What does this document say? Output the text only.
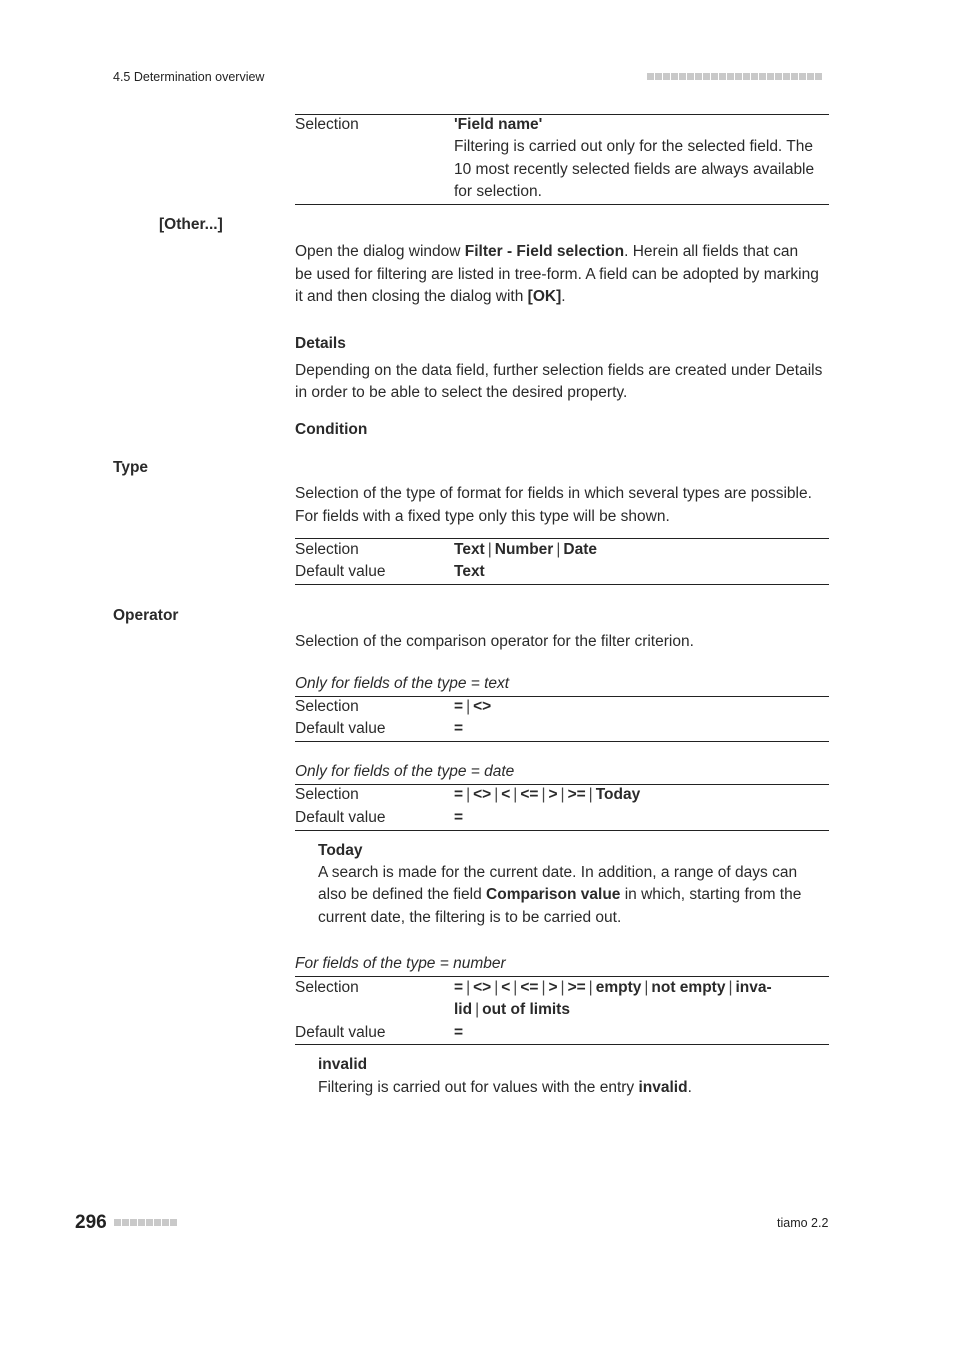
4.5 Determination overview
Selection	'Field name'
Filtering is carried out only for the selected field. The
10 most recently selected fields are always available
for selection.
[Other...]
Open the dialog window Filter - Field selection. Herein all fields that can
be used for filtering are listed in tree-form. A field can be adopted by marking
it and then closing the dialog with [OK].
Details
Depending on the data field, further selection fields are created under Details
in order to be able to select the desired property.
Condition
Type
Selection of the type of format for fields in which several types are possible.
For fields with a fixed type only this type will be shown.
Selection	Text | Number | Date
Default value	Text
Operator
Selection of the comparison operator for the filter criterion.
Only for fields of the type = text
Selection	= | <>
Default value	=
Only for fields of the type = date
Selection	= | <> | < | <= | > | >= | Today
Default value	=
Today
A search is made for the current date. In addition, a range of days can
also be defined the field Comparison value in which, starting from the
current date, the filtering is to be carried out.
For fields of the type = number
Selection	= | <> | < | <= | > | >= | empty | not empty | inva-
lid | out of limits
Default value	=
invalid
Filtering is carried out for values with the entry invalid.
296	tiamo 2.2
